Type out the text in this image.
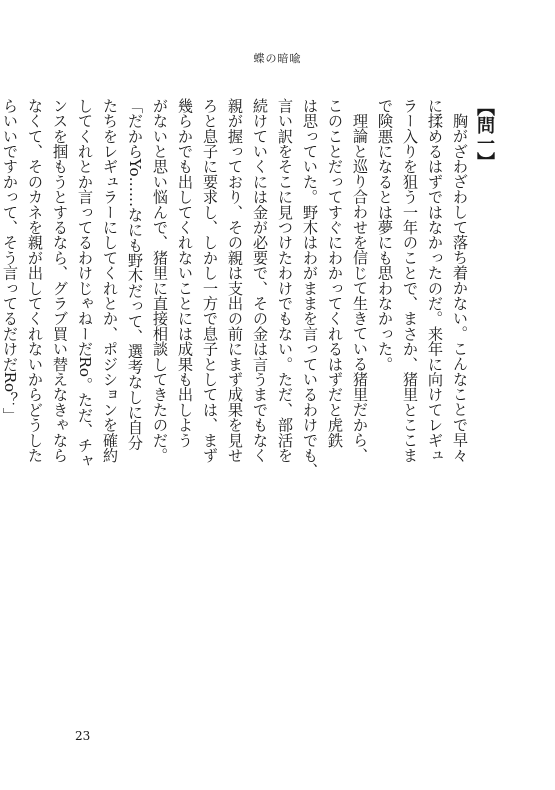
蝶の暗喩

【問一】

胸がざわざわして落ち着かない。こんなことで早々

に揉めるはずではなかったのだ。来年に向けてレギュ

ラー入りを狙う一年のことで、まさか、猪里とここま

で険悪になるとは夢にも思わなかった。

理論と巡り合わせを信じて生きている猪里だから、

このことだってすぐにわかってくれるはずだと虎鉄

は思っていた。野木はわがままを言っているわけでも、

言い訳をそこに見つけたわけでもない。ただ、部活を

続けていくには金が必要で、その金は言うまでもなく

親が握っており、その親は支出の前にまず成果を見せ

ろと息子に要求し、しかし一方で息子としては、まず

幾らかでも出してくれないことには成果も出しよう

がないと思い悩んで、猪里に直接相談してきたのだ。

「だからYo……なにも野木だって、選考なしに自分

たちをレギュラーにしてくれとか、ポジションを確約

してくれとか言ってるわけじゃねーだRo。ただ、チャ

ンスを掴もうとするなら、グラブ買い替えなきゃなら

なくて、そのカネを親が出してくれないからどうした

らいいですかって、そう言ってるだけだRo？」

23
